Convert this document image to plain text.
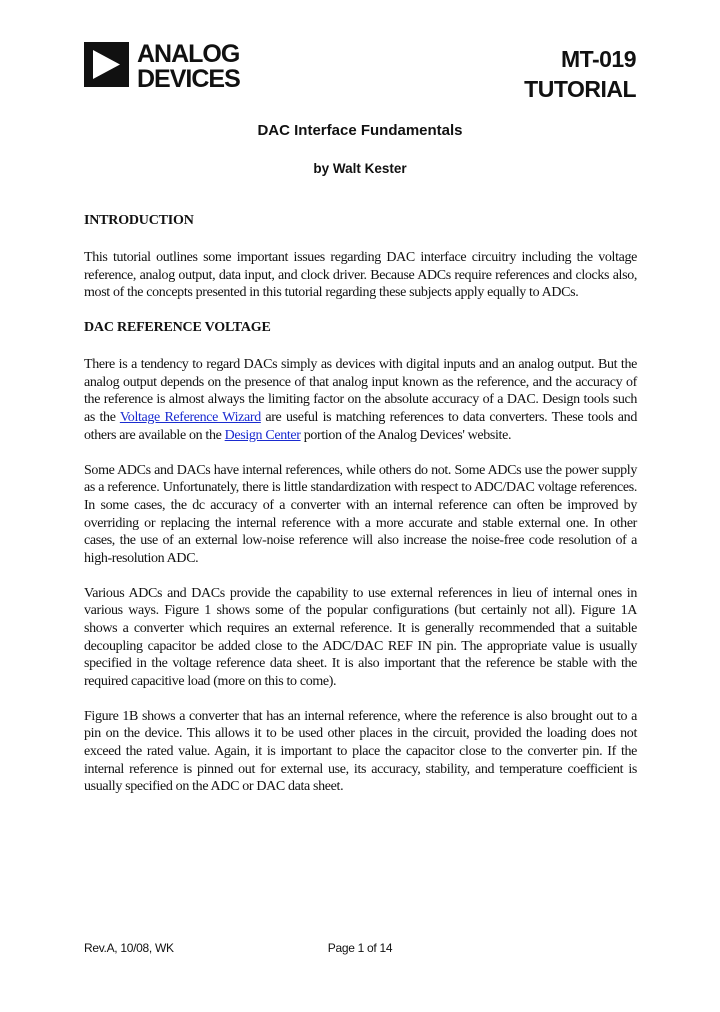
ANALOG
DEVICES
MT-019
TUTORIAL
DAC Interface Fundamentals
by Walt Kester
INTRODUCTION

This tutorial outlines some important issues regarding DAC interface circuitry including the voltage reference, analog output, data input, and clock driver. Because ADCs require references and clocks also, most of the concepts presented in this tutorial regarding these subjects apply equally to ADCs.

DAC REFERENCE VOLTAGE

There is a tendency to regard DACs simply as devices with digital inputs and an analog output. But the analog output depends on the presence of that analog input known as the reference, and the accuracy of the reference is almost always the limiting factor on the absolute accuracy of a DAC. Design tools such as the Voltage Reference Wizard are useful is matching references to data converters. These tools and others are available on the Design Center portion of the Analog Devices' website.

Some ADCs and DACs have internal references, while others do not. Some ADCs use the power supply as a reference. Unfortunately, there is little standardization with respect to ADC/DAC voltage references. In some cases, the dc accuracy of a converter with an internal reference can often be improved by overriding or replacing the internal reference with a more accurate and stable external one. In other cases, the use of an external low-noise reference will also increase the noise-free code resolution of a high-resolution ADC.

Various ADCs and DACs provide the capability to use external references in lieu of internal ones in various ways. Figure 1 shows some of the popular configurations (but certainly not all). Figure 1A shows a converter which requires an external reference. It is generally recommended that a suitable decoupling capacitor be added close to the ADC/DAC REF IN pin. The appropriate value is usually specified in the voltage reference data sheet. It is also important that the reference be stable with the required capacitive load (more on this to come).

Figure 1B shows a converter that has an internal reference, where the reference is also brought out to a pin on the device. This allows it to be used other places in the circuit, provided the loading does not exceed the rated value. Again, it is important to place the capacitor close to the converter pin. If the internal reference is pinned out for external use, its accuracy, stability, and temperature coefficient is usually specified on the ADC or DAC data sheet.

Rev.A, 10/08, WK	Page 1 of 14
